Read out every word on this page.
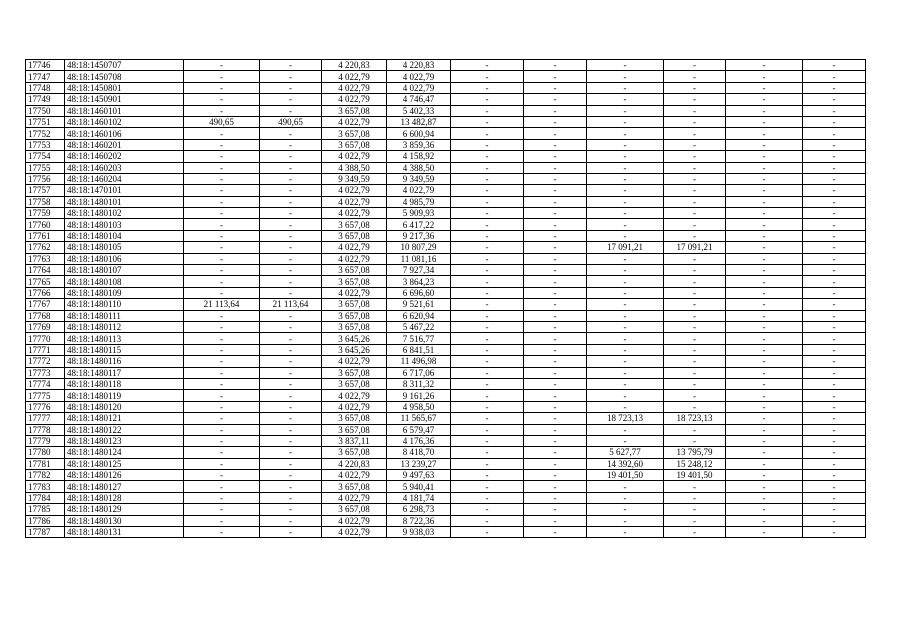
17746	48:18:1450707	-	-	4 220,83	4 220,83	-	-	-	-	-	-
17747	48:18:1450708	-	-	4 022,79	4 022,79	-	-	-	-	-	-
17748	48:18:1450801	-	-	4 022,79	4 022,79	-	-	-	-	-	-
17749	48:18:1450901	-	-	4 022,79	4 746,47	-	-	-	-	-	-
17750	48:18:1460101	-	-	3 657,08	5 402,33	-	-	-	-	-	-
17751	48:18:1460102	490,65	490,65	4 022,79	13 482,87	-	-	-	-	-	-
17752	48:18:1460106	-	-	3 657,08	6 600,94	-	-	-	-	-	-
17753	48:18:1460201	-	-	3 657,08	3 859,36	-	-	-	-	-	-
17754	48:18:1460202	-	-	4 022,79	4 158,92	-	-	-	-	-	-
17755	48:18:1460203	-	-	4 388,50	4 388,50	-	-	-	-	-	-
17756	48:18:1460204	-	-	9 349,59	9 349,59	-	-	-	-	-	-
17757	48:18:1470101	-	-	4 022,79	4 022,79	-	-	-	-	-	-
17758	48:18:1480101	-	-	4 022,79	4 985,79	-	-	-	-	-	-
17759	48:18:1480102	-	-	4 022,79	5 909,93	-	-	-	-	-	-
17760	48:18:1480103	-	-	3 657,08	6 417,22	-	-	-	-	-	-
17761	48:18:1480104	-	-	3 657,08	9 217,36	-	-	-	-	-	-
17762	48:18:1480105	-	-	4 022,79	10 807,29	-	-	17 091,21	17 091,21	-	-
17763	48:18:1480106	-	-	4 022,79	11 081,16	-	-	-	-	-	-
17764	48:18:1480107	-	-	3 657,08	7 927,34	-	-	-	-	-	-
17765	48:18:1480108	-	-	3 657,08	3 864,23	-	-	-	-	-	-
17766	48:18:1480109	-	-	4 022,79	6 696,60	-	-	-	-	-	-
17767	48:18:1480110	21 113,64	21 113,64	3 657,08	9 521,61	-	-	-	-	-	-
17768	48:18:1480111	-	-	3 657,08	6 620,94	-	-	-	-	-	-
17769	48:18:1480112	-	-	3 657,08	5 467,22	-	-	-	-	-	-
17770	48:18:1480113	-	-	3 645,26	7 516,77	-	-	-	-	-	-
17771	48:18:1480115	-	-	3 645,26	6 841,51	-	-	-	-	-	-
17772	48:18:1480116	-	-	4 022,79	11 496,98	-	-	-	-	-	-
17773	48:18:1480117	-	-	3 657,08	6 717,06	-	-	-	-	-	-
17774	48:18:1480118	-	-	3 657,08	8 311,32	-	-	-	-	-	-
17775	48:18:1480119	-	-	4 022,79	9 161,26	-	-	-	-	-	-
17776	48:18:1480120	-	-	4 022,79	4 958,50	-	-	-	-	-	-
17777	48:18:1480121	-	-	3 657,08	11 565,67	-	-	18 723,13	18 723,13	-	-
17778	48:18:1480122	-	-	3 657,08	6 579,47	-	-	-	-	-	-
17779	48:18:1480123	-	-	3 837,11	4 176,36	-	-	-	-	-	-
17780	48:18:1480124	-	-	3 657,08	8 418,70	-	-	5 627,77	13 795,79	-	-
17781	48:18:1480125	-	-	4 220,83	13 239,27	-	-	14 392,60	15 248,12	-	-
17782	48:18:1480126	-	-	4 022,79	9 497,63	-	-	19 401,50	19 401,50	-	-
17783	48:18:1480127	-	-	3 657,08	5 940,41	-	-	-	-	-	-
17784	48:18:1480128	-	-	4 022,79	4 181,74	-	-	-	-	-	-
17785	48:18:1480129	-	-	3 657,08	6 298,73	-	-	-	-	-	-
17786	48:18:1480130	-	-	4 022,79	8 722,36	-	-	-	-	-	-
17787	48:18:1480131	-	-	4 022,79	9 938,03	-	-	-	-	-	-
